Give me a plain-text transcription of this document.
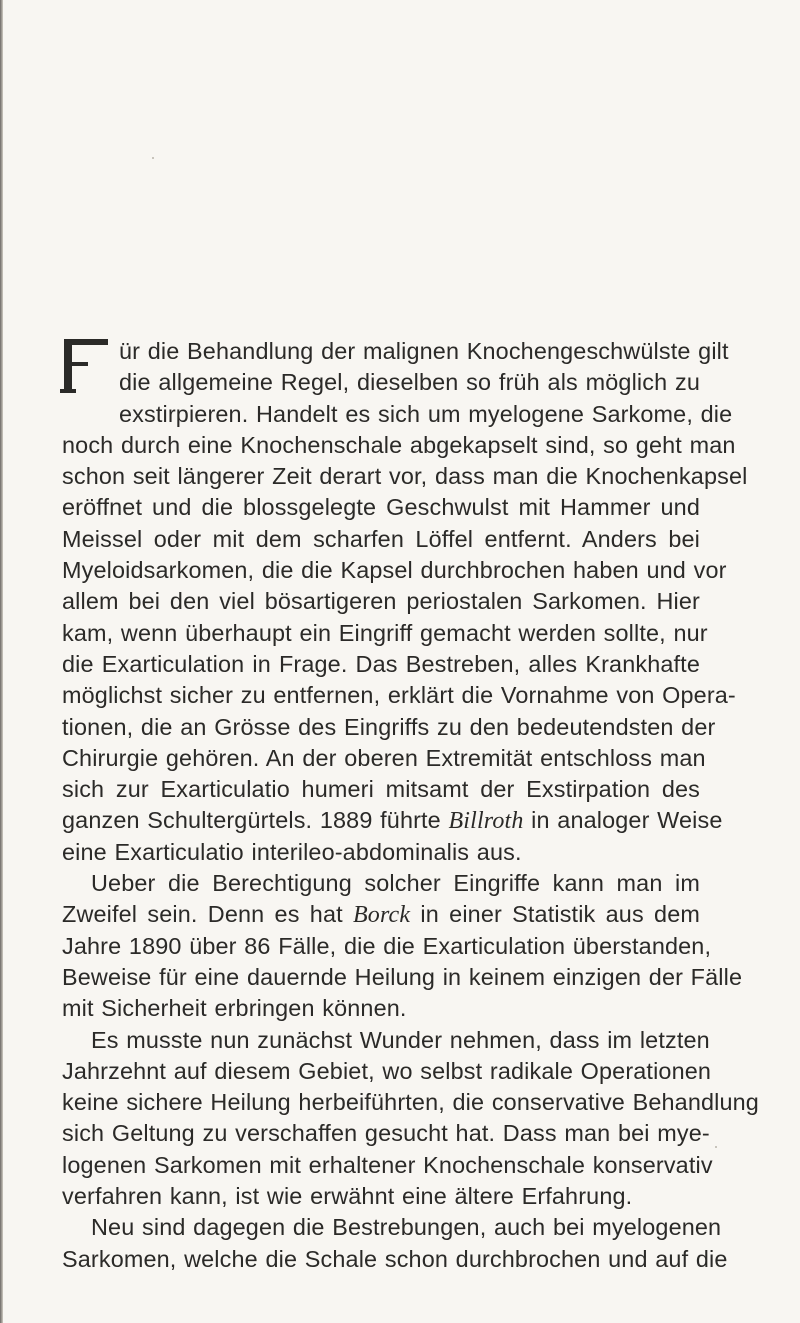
ür die Behandlung der malignen Knochengeschwülste gilt
die allgemeine Regel, dieselben so früh als möglich zu
exstirpieren. Handelt es sich um myelogene Sarkome, die
noch durch eine Knochenschale abgekapselt sind, so geht man
schon seit längerer Zeit derart vor, dass man die Knochenkapsel
eröffnet und die blossgelegte Geschwulst mit Hammer und
Meissel oder mit dem scharfen Löffel entfernt. Anders bei
Myeloidsarkomen, die die Kapsel durchbrochen haben und vor
allem bei den viel bösartigeren periostalen Sarkomen. Hier
kam, wenn überhaupt ein Eingriff gemacht werden sollte, nur
die Exarticulation in Frage. Das Bestreben, alles Krankhafte
möglichst sicher zu entfernen, erklärt die Vornahme von Opera-
tionen, die an Grösse des Eingriffs zu den bedeutendsten der
Chirurgie gehören. An der oberen Extremität entschloss man
sich zur Exarticulatio humeri mitsamt der Exstirpation des
ganzen Schultergürtels. 1889 führte Billroth in analoger Weise
eine Exarticulatio interileo-abdominalis aus.
Ueber die Berechtigung solcher Eingriffe kann man im
Zweifel sein. Denn es hat Borck in einer Statistik aus dem
Jahre 1890 über 86 Fälle, die die Exarticulation überstanden,
Beweise für eine dauernde Heilung in keinem einzigen der Fälle
mit Sicherheit erbringen können.
Es musste nun zunächst Wunder nehmen, dass im letzten
Jahrzehnt auf diesem Gebiet, wo selbst radikale Operationen
keine sichere Heilung herbeiführten, die conservative Behandlung
sich Geltung zu verschaffen gesucht hat. Dass man bei mye-
logenen Sarkomen mit erhaltener Knochenschale konservativ
verfahren kann, ist wie erwähnt eine ältere Erfahrung.
Neu sind dagegen die Bestrebungen, auch bei myelogenen
Sarkomen, welche die Schale schon durchbrochen und auf die
